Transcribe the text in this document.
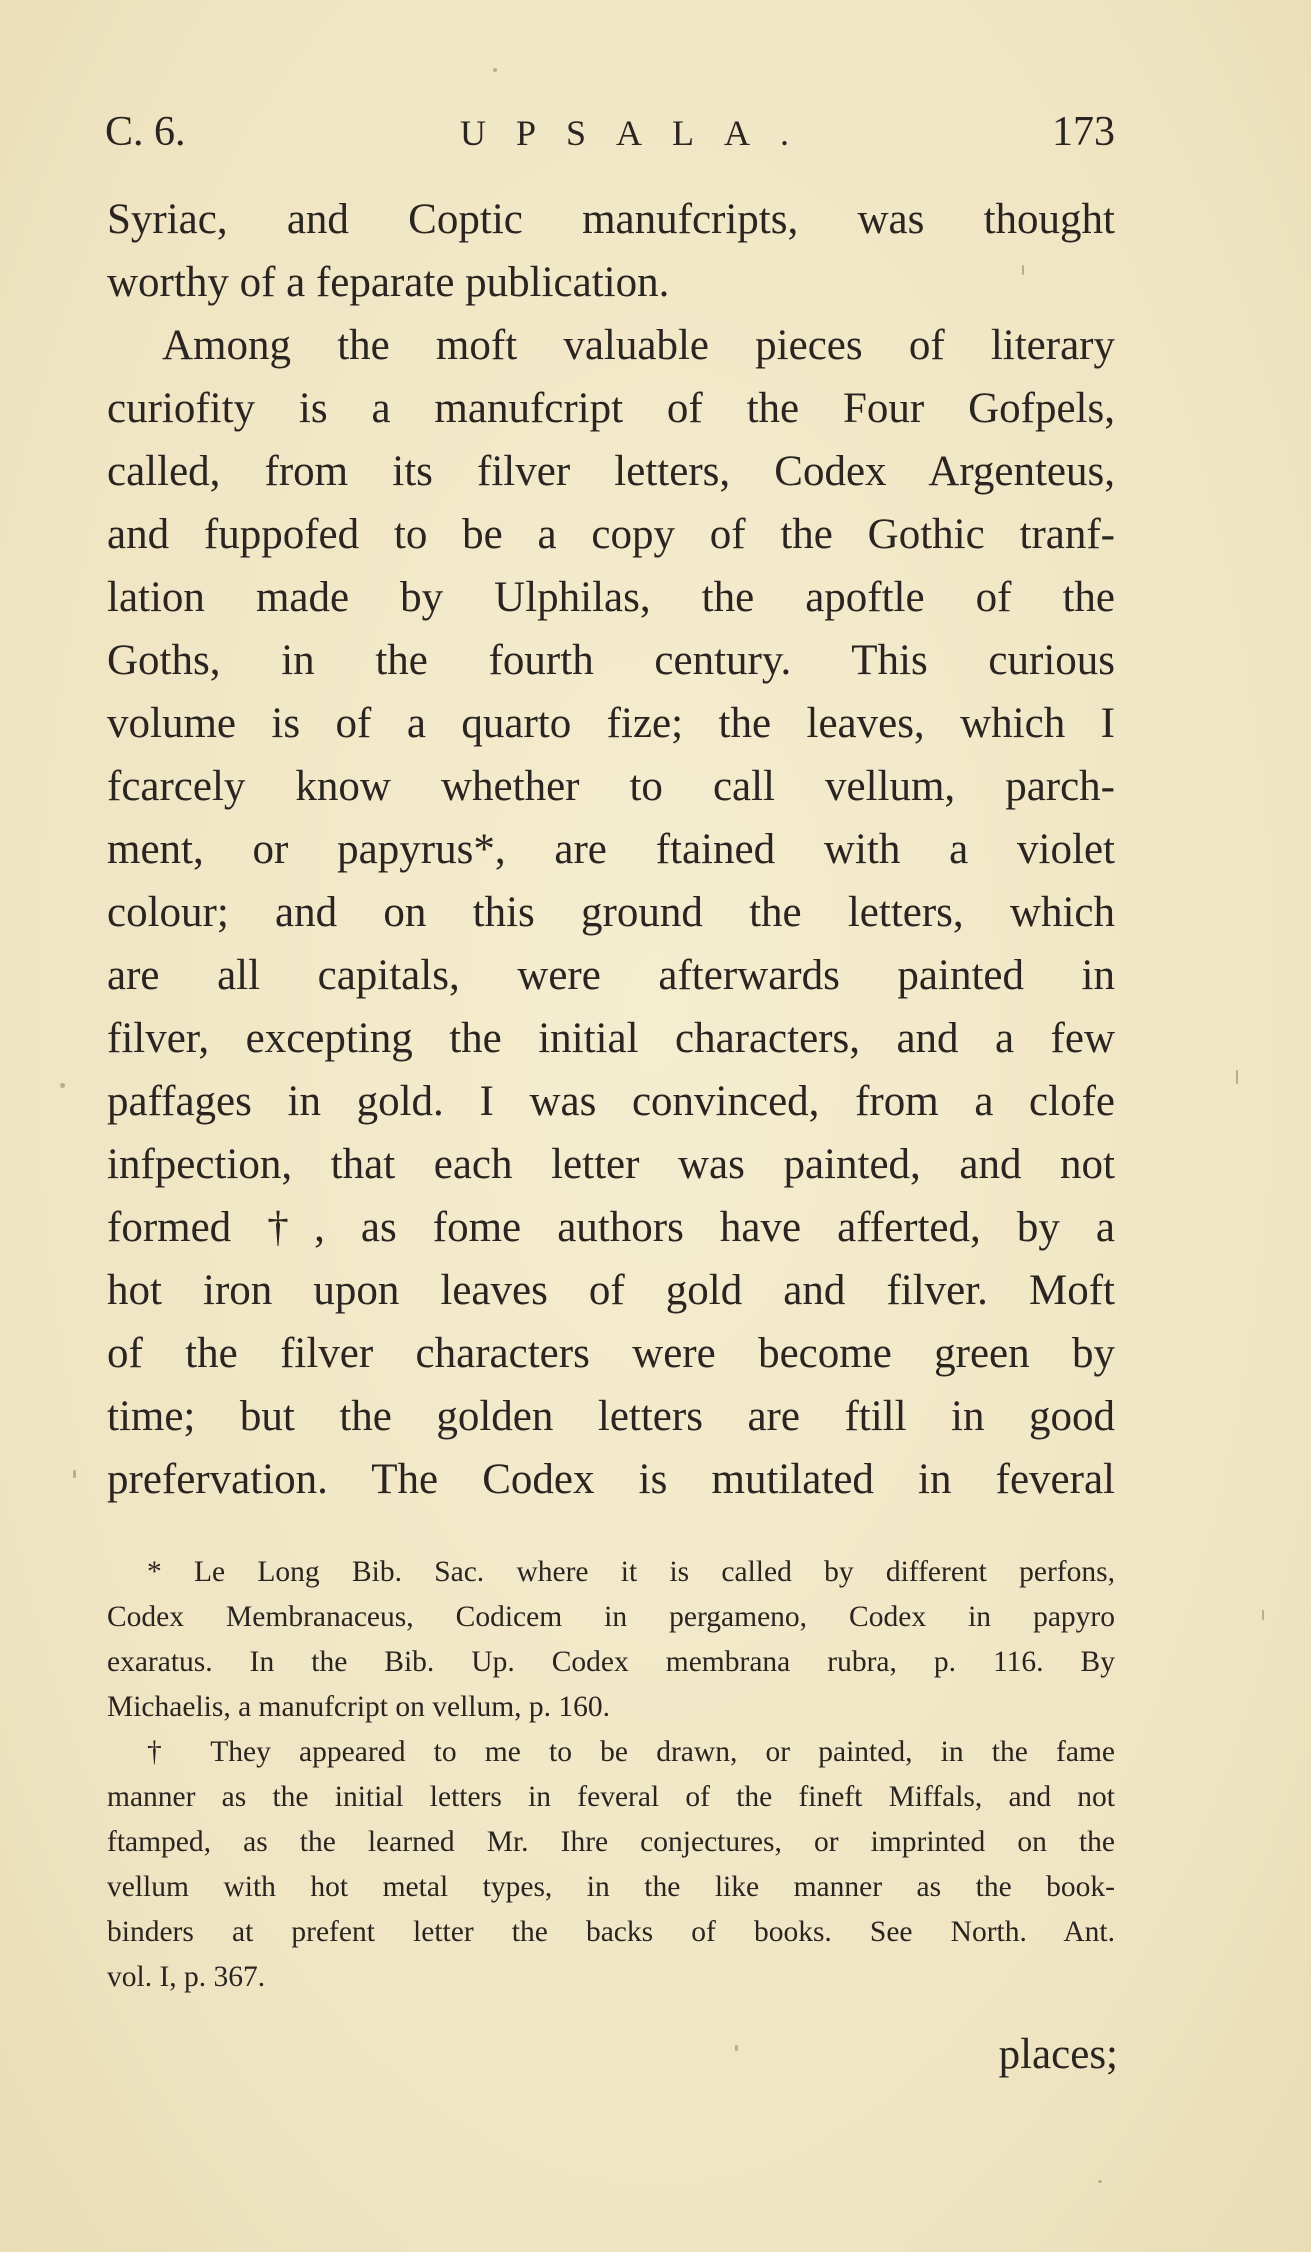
C. 6.	UPSALA.	173
Syriac, and Coptic manufcripts, was thought
worthy of a feparate publication.
Among the moft valuable pieces of literary
curiofity is a manufcript of the Four Gofpels,
called, from its filver letters, Codex Argenteus,
and fuppofed to be a copy of the Gothic tranf-
lation made by Ulphilas, the apoftle of the
Goths, in the fourth century. This curious
volume is of a quarto fize; the leaves, which I
fcarcely know whether to call vellum, parch-
ment, or papyrus*, are ftained with a violet
colour; and on this ground the letters, which
are all capitals, were afterwards painted in
filver, excepting the initial characters, and a few
paffages in gold. I was convinced, from a clofe
infpection, that each letter was painted, and not
formed †, as fome authors have afferted, by a
hot iron upon leaves of gold and filver. Moft
of the filver characters were become green by
time; but the golden letters are ftill in good
prefervation. The Codex is mutilated in feveral
* Le Long Bib. Sac. where it is called by different perfons,
Codex Membranaceus, Codicem in pergameno, Codex in papyro
exaratus. In the Bib. Up. Codex membrana rubra, p. 116. By
Michaelis, a manufcript on vellum, p. 160.
† They appeared to me to be drawn, or painted, in the fame
manner as the initial letters in feveral of the fineft Miffals, and not
ftamped, as the learned Mr. Ihre conjectures, or imprinted on the
vellum with hot metal types, in the like manner as the book-
binders at prefent letter the backs of books. See North. Ant.
vol. I, p. 367.
places;
